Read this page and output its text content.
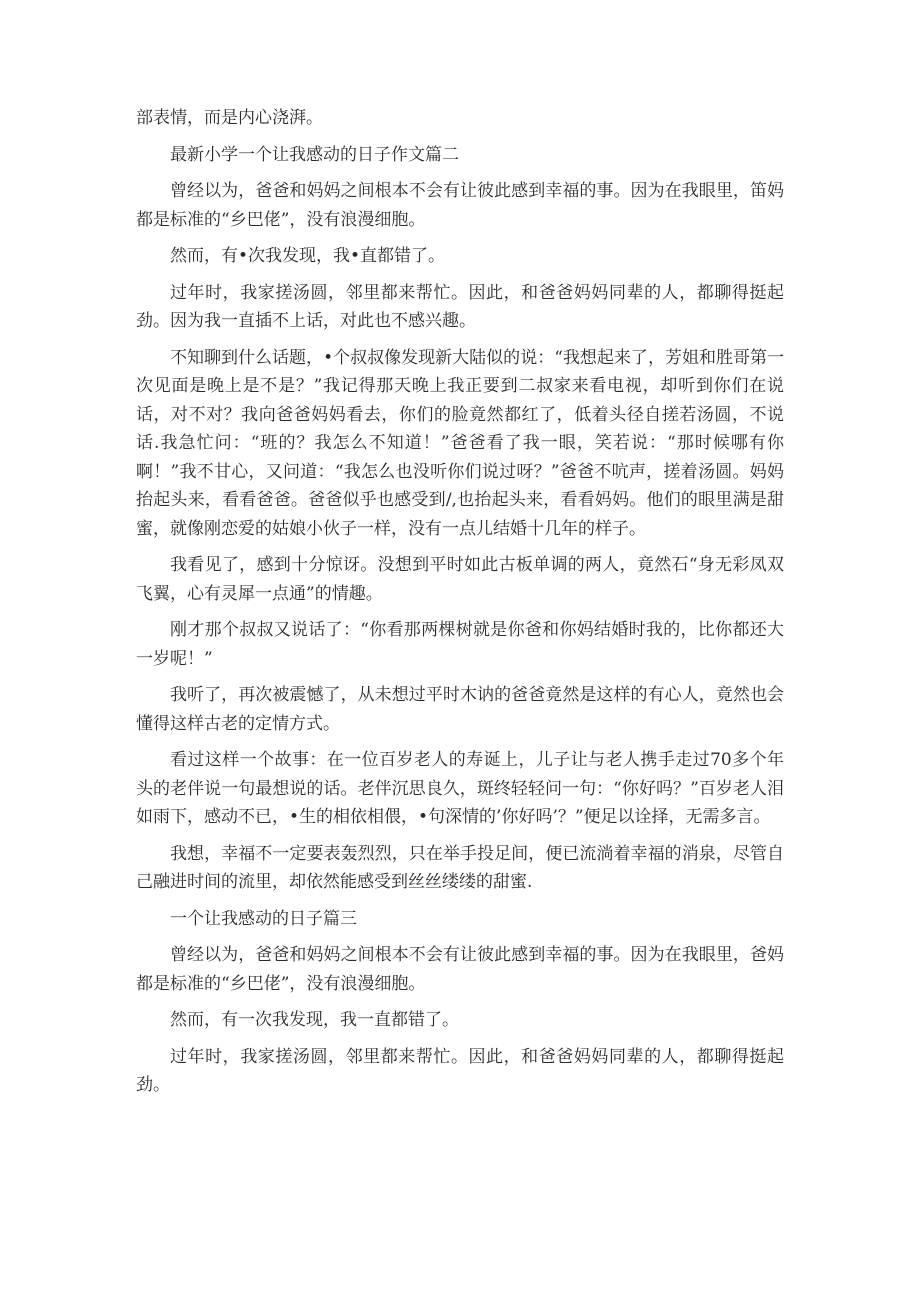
部表情，而是内心浇湃。

最新小学一个让我感动的日子作文篇二

曾经以为，爸爸和妈妈之间根本不会有让彼此感到幸福的事。因为在我眼里，笛妈都是标准的“乡巴佬”，没有浪漫细胞。

然而，有•次我发现，我•直都错了。

过年时，我家搓汤圆，邻里都来帮忙。因此，和爸爸妈妈同辈的人，都聊得挺起劲。因为我一直插不上话，对此也不感兴趣。

不知聊到什么话题，•个叔叔像发现新大陆似的说：“我想起来了，芳姐和胜哥第一次见面是晚上是不是？”我记得那天晚上我正要到二叔家来看电视，却听到你们在说话，对不对？我向爸爸妈妈看去，你们的脸竟然都红了，低着头径自搓若汤圆，不说话.我急忙问：“班的？我怎么不知道！”爸爸看了我一眼，笑若说：“那时候哪有你啊！”我不甘心，又问道：“我怎么也没听你们说过呀？”爸爸不吭声，搓着汤圆。妈妈抬起头来，看看爸爸。爸爸似乎也感受到/,也抬起头来，看看妈妈。他们的眼里满是甜蜜，就像刚恋爱的姑娘小伙子一样，没有一点儿结婚十几年的样子。

我看见了，感到十分惊讶。没想到平时如此古板单调的两人，竟然石“身无彩凤双飞翼，心有灵犀一点通”的情趣。

刚才那个叔叔又说话了：“你看那两棵树就是你爸和你妈结婚时我的，比你都还大一岁呢！”

我听了，再次被震憾了，从未想过平时木讷的爸爸竟然是这样的有心人，竟然也会懂得这样古老的定情方式。

看过这样一个故事：在一位百岁老人的寿诞上，儿子让与老人携手走过70多个年头的老伴说一句最想说的话。老伴沉思良久，斑终轻轻问一句：“你好吗？”百岁老人泪如雨下，感动不已，•生的相依相偎，•句深情的’你好吗’？”便足以诠择，无需多言。

我想，幸福不一定要表轰烈烈，只在举手投足间，便已流淌着幸福的消泉，尽管自己融进时间的流里，却依然能感受到丝丝缕缕的甜蜜.

一个让我感动的日子篇三

曾经以为，爸爸和妈妈之间根本不会有让彼此感到幸福的事。因为在我眼里，爸妈都是标准的“乡巴佬”，没有浪漫细胞。

然而，有一次我发现，我一直都错了。

过年时，我家搓汤圆，邻里都来帮忙。因此，和爸爸妈妈同辈的人，都聊得挺起劲。
